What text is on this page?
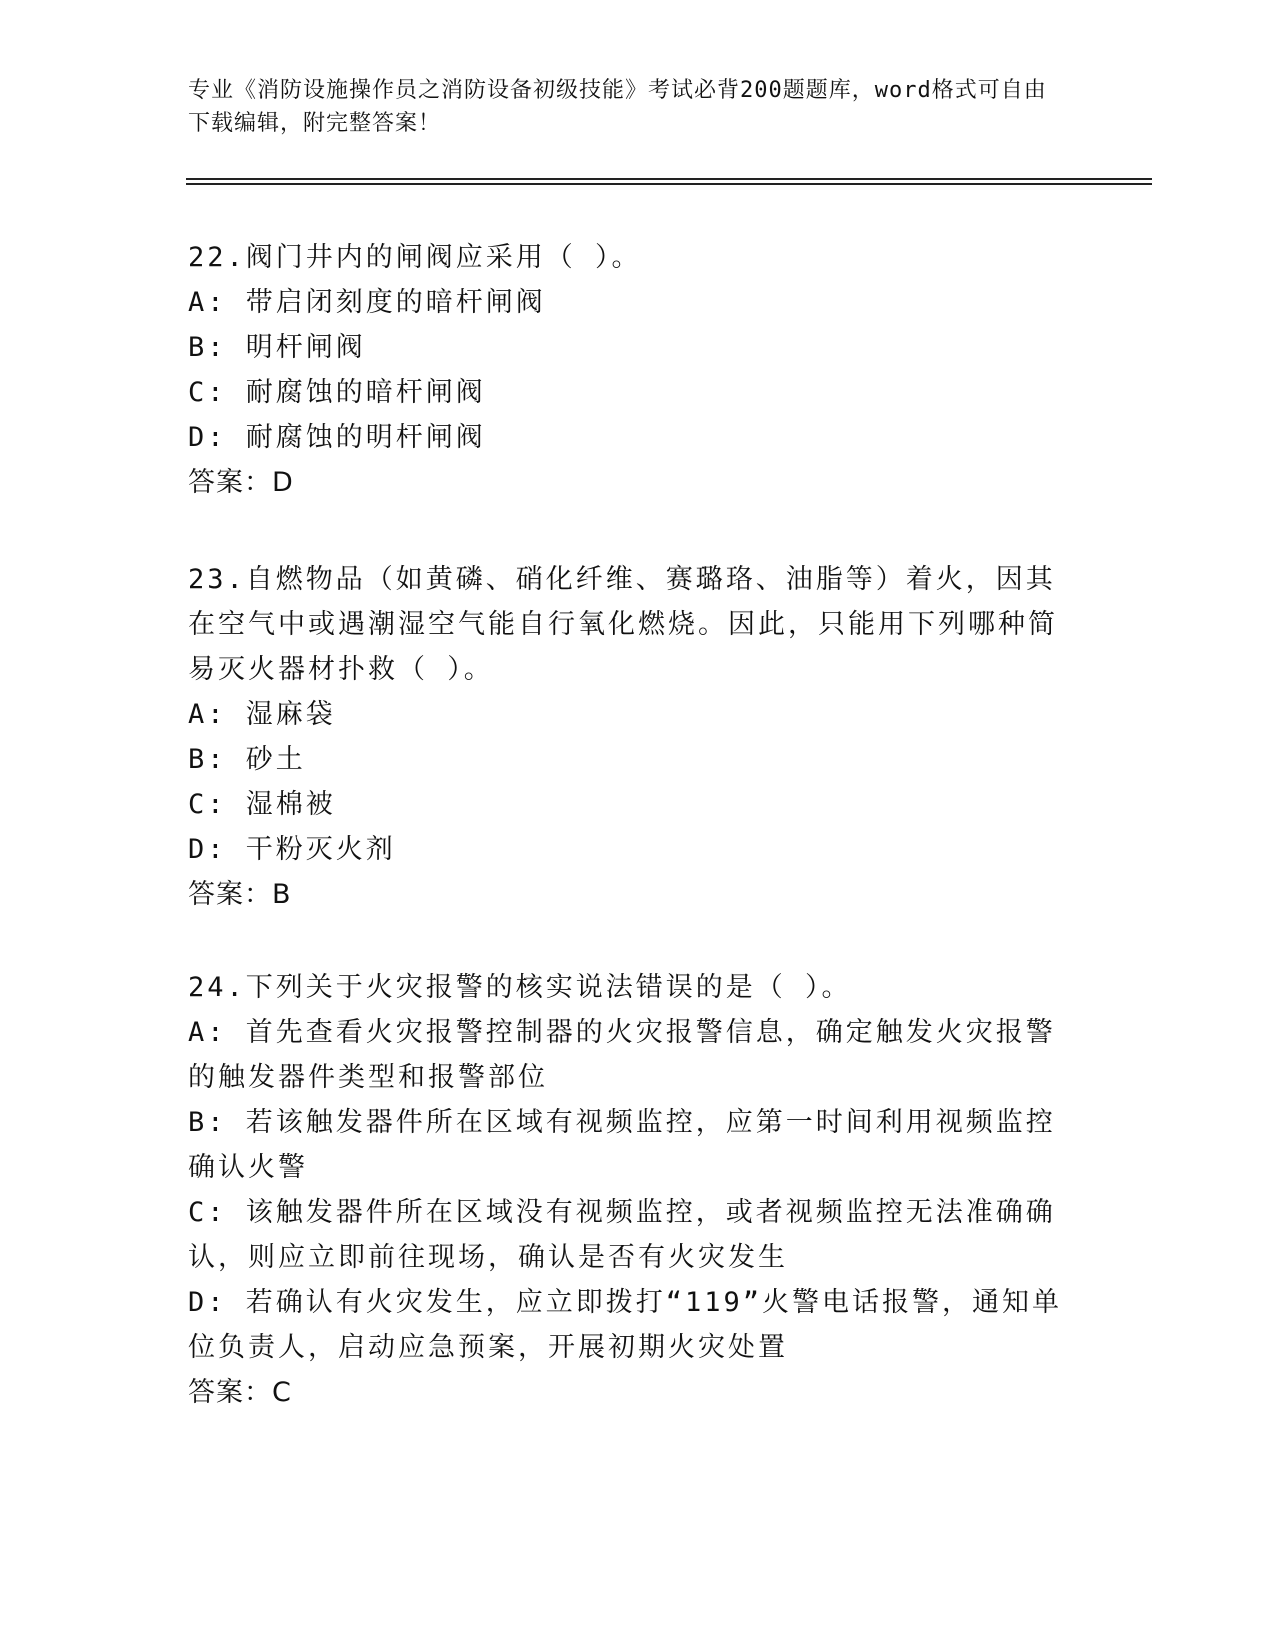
专业《消防设施操作员之消防设备初级技能》考试必背200题题库，word格式可自由下载编辑，附完整答案！

22.阀门井内的闸阀应采用（ ）。

A: 带启闭刻度的暗杆闸阀

B: 明杆闸阀

C: 耐腐蚀的暗杆闸阀

D: 耐腐蚀的明杆闸阀

答案：D

23.自燃物品（如黄磷、硝化纤维、赛璐珞、油脂等）着火，因其在空气中或遇潮湿空气能自行氧化燃烧。因此，只能用下列哪种简易灭火器材扑救（ ）。

A: 湿麻袋

B: 砂土

C: 湿棉被

D: 干粉灭火剂

答案：B

24.下列关于火灾报警的核实说法错误的是（ ）。

A: 首先查看火灾报警控制器的火灾报警信息，确定触发火灾报警的触发器件类型和报警部位

B: 若该触发器件所在区域有视频监控，应第一时间利用视频监控确认火警

C: 该触发器件所在区域没有视频监控，或者视频监控无法准确确认，则应立即前往现场，确认是否有火灾发生

D: 若确认有火灾发生，应立即拨打“119”火警电话报警，通知单位负责人，启动应急预案，开展初期火灾处置

答案：C
